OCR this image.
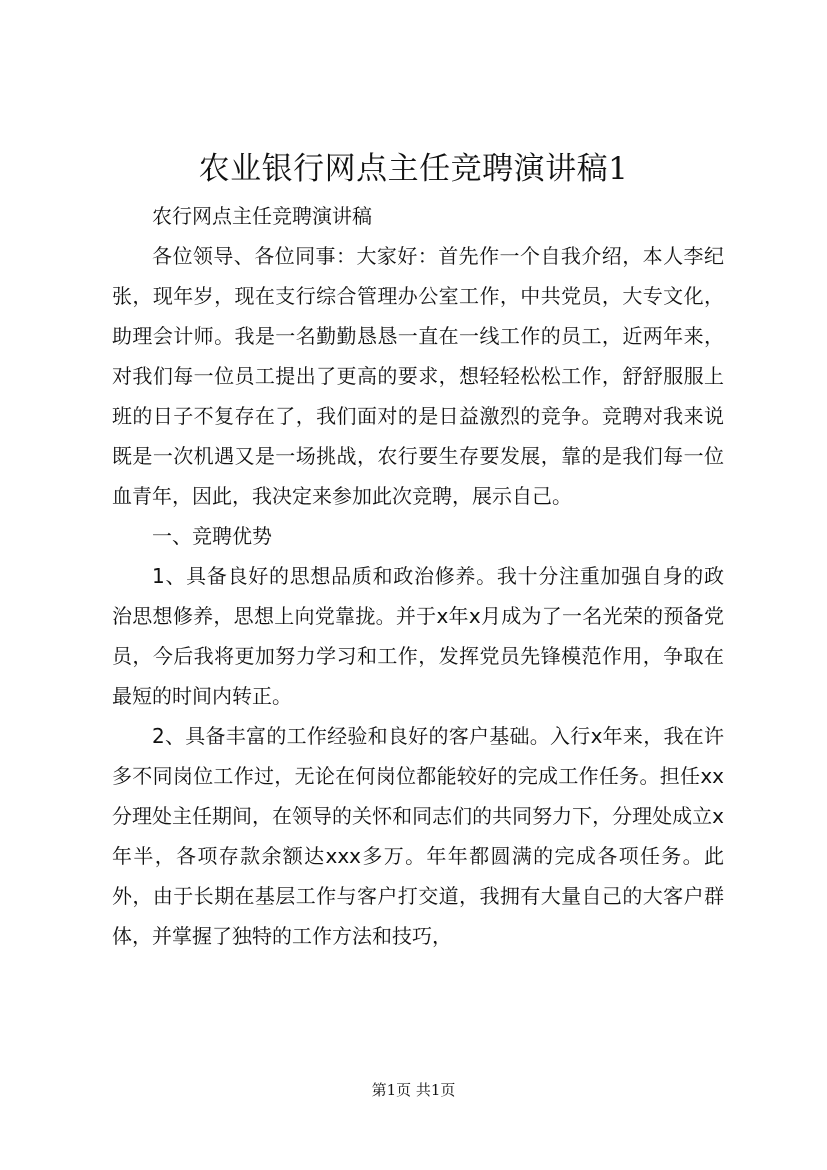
农业银行网点主任竞聘演讲稿1

农行网点主任竞聘演讲稿

各位领导、各位同事：大家好：首先作一个自我介绍，本人李纪张，现年岁，现在支行综合管理办公室工作，中共党员，大专文化，助理会计师。我是一名勤勤恳恳一直在一线工作的员工，近两年来，对我们每一位员工提出了更高的要求，想轻轻松松工作，舒舒服服上班的日子不复存在了，我们面对的是日益激烈的竞争。竞聘对我来说既是一次机遇又是一场挑战，农行要生存要发展，靠的是我们每一位血青年，因此，我决定来参加此次竞聘，展示自己。

一、竞聘优势

1、具备良好的思想品质和政治修养。我十分注重加强自身的政治思想修养，思想上向党靠拢。并于x年x月成为了一名光荣的预备党员，今后我将更加努力学习和工作，发挥党员先锋模范作用，争取在最短的时间内转正。

2、具备丰富的工作经验和良好的客户基础。入行x年来，我在许多不同岗位工作过，无论在何岗位都能较好的完成工作任务。担任xx分理处主任期间，在领导的关怀和同志们的共同努力下，分理处成立x年半，各项存款余额达xxx多万。年年都圆满的完成各项任务。此外，由于长期在基层工作与客户打交道，我拥有大量自己的大客户群体，并掌握了独特的工作方法和技巧，

第1页 共1页
